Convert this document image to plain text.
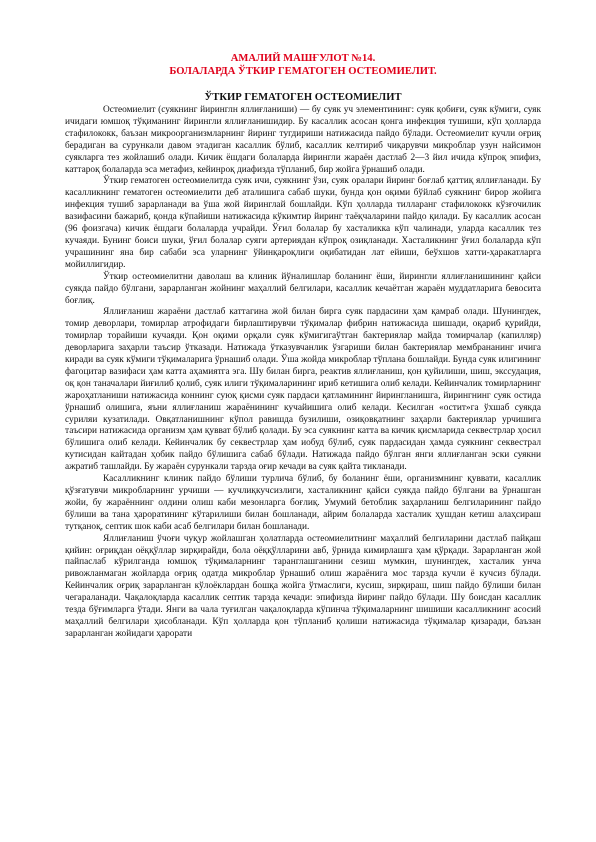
АМАЛИЙ МАШҒУЛОТ №14.

БОЛАЛАРДА ЎТКИР ГЕМАТОГЕН ОСТЕОМИЕЛИТ.

ЎТКИР ГЕМАТОГЕН ОСТЕОМИЕЛИТ

Остеомиелит (суякнинг йиринглн яллиғланиши) — бу суяк уч элементининг: суяк қобиғи, суяк кўмиги, суяк ичидаги юмшоқ тўқиманинг йирингли яллиғланишидир. Бу касаллик асосан қонга инфекция тушиши, кўп ҳолларда стафилококк, баъзан микроорганизмларнинг йиринг тугдириши натижасида пайдо бўлади. Остеомиелит кучли оғриқ берадиган ва сурункали давом этадиган касаллик бўлиб, касаллик келтириб чиқарувчи микроблар узун найсимон суякларга тез жойлашиб олади. Кичик ёшдаги болаларда йирингли жараён дастлаб 2—3 йил ичида кўпроқ эпифиз, каттароқ болаларда эса метафиз, кейинроқ диафизда тўпланиб, бир жойга ўрнашиб олади.

Ўткир гематоген остеомиелитда суяк ичи, суякнинг ўзи, суяк оралари йиринг боғлаб қаттиқ яллиғланади. Бу касалликнинг гематоген остеомиелити деб аталишига сабаб шуки, бунда қон оқими бўйлаб суякнинг бирор жойига инфекция тушиб зарарланади ва ўша жой йиринглай бошлайди. Кўп ҳолларда тилларанг стафилококк кўзғочилик вазифасини бажариб, қонда кўпайиши натижасида кўкимтир йиринг таёқчаларини пайдо қилади. Бу касаллик асосан (96 фоизгача) кичик ёшдаги болаларда учрайди. Ўғил болалар бу хасталикка кўп чалинади, уларда касаллик тез кучаяди. Бунинг боиси шуки, ўғил болалар суяги артериядан кўпроқ озиқланади. Хасталикнинг ўғил болаларда кўп учрашининг яна бир сабаби эса уларнинг ўйинқароқлиги оқибатидан лат ейиши, беўхшов хатти-ҳаракатларга мойиллигидир.

Ўткир остеомиелитни даволаш ва клиник йўналишлар боланинг ёши, йирингли яллиғланишининг қайси суякда пайдо бўлгани, зарарланган жойнинг маҳаллий белгилари, касаллик кечаётган жараён муддатларига бевосита боғлиқ.

Яллиғланиш жараёни дастлаб каттагина жой билан бирга суяк пардасини ҳам қамраб олади. Шунингдек, томир деворлари, томирлар атрофидаги бирлаштирувчи тўқималар фибрин натижасида шишади, оқариб қурийди, томирлар торайиши кучаяди. Қон оқими орқали суяк кўмигигаўтган бактериялар майда томирчалар (капилляр) деворларига заҳарли таъсир ўтказади. Натижада ўтказувчанлик ўзгариши билан бактериялар мембрананинг ичига киради ва суяк кўмиги тўқималарига ўрнашиб олади. Ўша жойда микроблар тўплана бошлайди. Бунда суяк илигининг фагоцитар вазифаси ҳам катта аҳамиятга эга. Шу билан бирга, реактив яллиғланиш, қон қуйилиши, шиш, экссудация, оқ қон таначалари йиғилиб қолиб, суяк илиги тўқималарининг ириб кетишига олиб келади. Кейинчалик томирларнинг жароҳатланиши натижасида коннинг суюқ қисми суяк пардаси қатламининг йирингланишга, йирингнинг суяк остида ўрнашиб олишига, яъни яллиғланиш жараёнининг кучайишига олиб келади. Кесилган «остит»га ўхшаб суякда суриляи кузатилади. Овқатланишнинг кўпол равишда бузилиши, озиқовқатнинг заҳарли бактериялар урчишига таъсири натижасида организм ҳам қувват бўлиб қолади. Бу эса суякнинг катта ва кичик қисмларида секвестрлар ҳосил бўлишига олиб келади. Кейинчалик бу секвестрлар ҳам иобуд бўлиб, суяк пардасидан ҳамда суякнинг секвестрал кутисидан кайтадан ҳобик пайдо бўлишига сабаб бўлади. Натижада пайдо бўлган янги яллиғланган эски суякни ажратиб ташлайди. Бу жараён сурункали тарзда оғир кечади ва суяк қайта тикланади.

Касалликнинг клиник пайдо бўлиши турлича бўлиб, бу боланинг ёши, организмнинг қуввати, касаллик қўзғатувчи микробларнинг урчиши — кучлиқкучсизлиги, хасталикнинг қайси суякда пайдо бўлгани ва ўрнашган жойи, бу жараённинг олдини олиш каби мезонларга боғлиқ. Умумий бетоблик заҳарланиш белгиларининг пайдо бўлиши ва тана ҳароратининг кўтарилиши билан бошланади, айрим болаларда хасталик ҳушдан кетиш алаҳсираш тутқаноқ, септик шок каби асаб белгилари билан бошланади.

Яллиғланиш ўчоғи чуқур жойлашган ҳолатларда остеомиелитнинг маҳаллий белгиларини дастлаб пайқаш қийин: оғриқдан оёққўллар зирқирайди, бола оёққўлларини авб, ўрнида кимирлашга ҳам қўрқади. Зарарланган жой пайпаслаб кўрилганда юмшоқ тўқималарнинг таранглашганини сезиш мумкин, шунингдек, хасталик унча ривожланмаган жойларда оғриқ одатда микроблар ўрнашиб олиш жараёнига мос тарзда кучли ё кучсиз бўлади. Кейинчалик оғриқ зарарланган кўлоёклардан бошқа жойга ўтмаслиги, кусиш, зирқираш, шиш пайдо бўлиши билан чегараланади. Чақалоқларда касаллик септик тарзда кечади: эпифизда йиринг пайдо бўлади. Шу боисдан касаллик тезда бўғимларга ўтади. Янги ва чала туғилган чақалоқларда кўпинча тўқималарнинг шишиши касалликнинг асосий маҳаллий белгилари ҳисобланади. Кўп ҳолларда қон тўпланиб қолиши натижасида тўқималар қизаради, баъзан зарарланган жойидаги ҳарорати
